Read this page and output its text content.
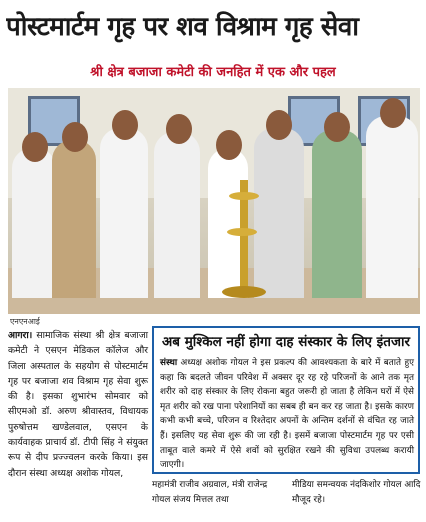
पोस्टमार्टम गृह पर शव विश्राम गृह सेवा
श्री क्षेत्र बजाजा कमेटी की जनहित में एक और पहल
एनएनआई
आगरा। सामाजिक संस्था श्री क्षेत्र बजाजा कमेटी ने एसएन मेडिकल कॉलेज और जिला अस्पताल के सहयोग से पोस्टमार्टम गृह पर बजाजा शव विश्राम गृह सेवा शुरू की है। इसका शुभारंभ सोमवार को सीएमओ डॉ. अरुण श्रीवास्तव, विधायक पुरुषोत्तम खण्डेलवाल, एसएन के कार्यवाहक प्राचार्य डॉ. टीपी सिंह ने संयुक्त रूप से दीप प्रज्ज्वलन करके किया। इस दौरान संस्था अध्यक्ष अशोक गोयल,
अब मुश्किल नहीं होगा दाह संस्कार के लिए इंतजार
संस्था अध्यक्ष अशोक गोयल ने इस प्रकल्प की आवश्यकता के बारे में बताते हुए कहा कि बदलते जीवन परिवेश में अक्सर दूर रह रहे परिजनों के आने तक मृत शरीर को दाह संस्कार के लिए रोकना बहुत जरूरी हो जाता है लेकिन घरों में ऐसे मृत शरीर को रख पाना परेशानियों का सबब ही बन कर रह जाता है। इसके कारण कभी कभी बच्चे, परिजन व रिश्तेदार अपनों के अन्तिम दर्शनों से वंचित रह जाते हैं। इसलिए यह सेवा शुरू की जा रही है। इसमें बजाजा पोस्टमार्टम गृह पर एसी ताबूत वाले कमरे में ऐसे शवों को सुरक्षित रखने की सुविधा उपलब्ध करायी जाएगी।
महामंत्री राजीव अग्रवाल, मंत्री राजेन्द्र गोयल संजय मित्तल तथा
मीडिया समन्वयक नंदकिशोर गोयल आदि मौजूद रहे।
